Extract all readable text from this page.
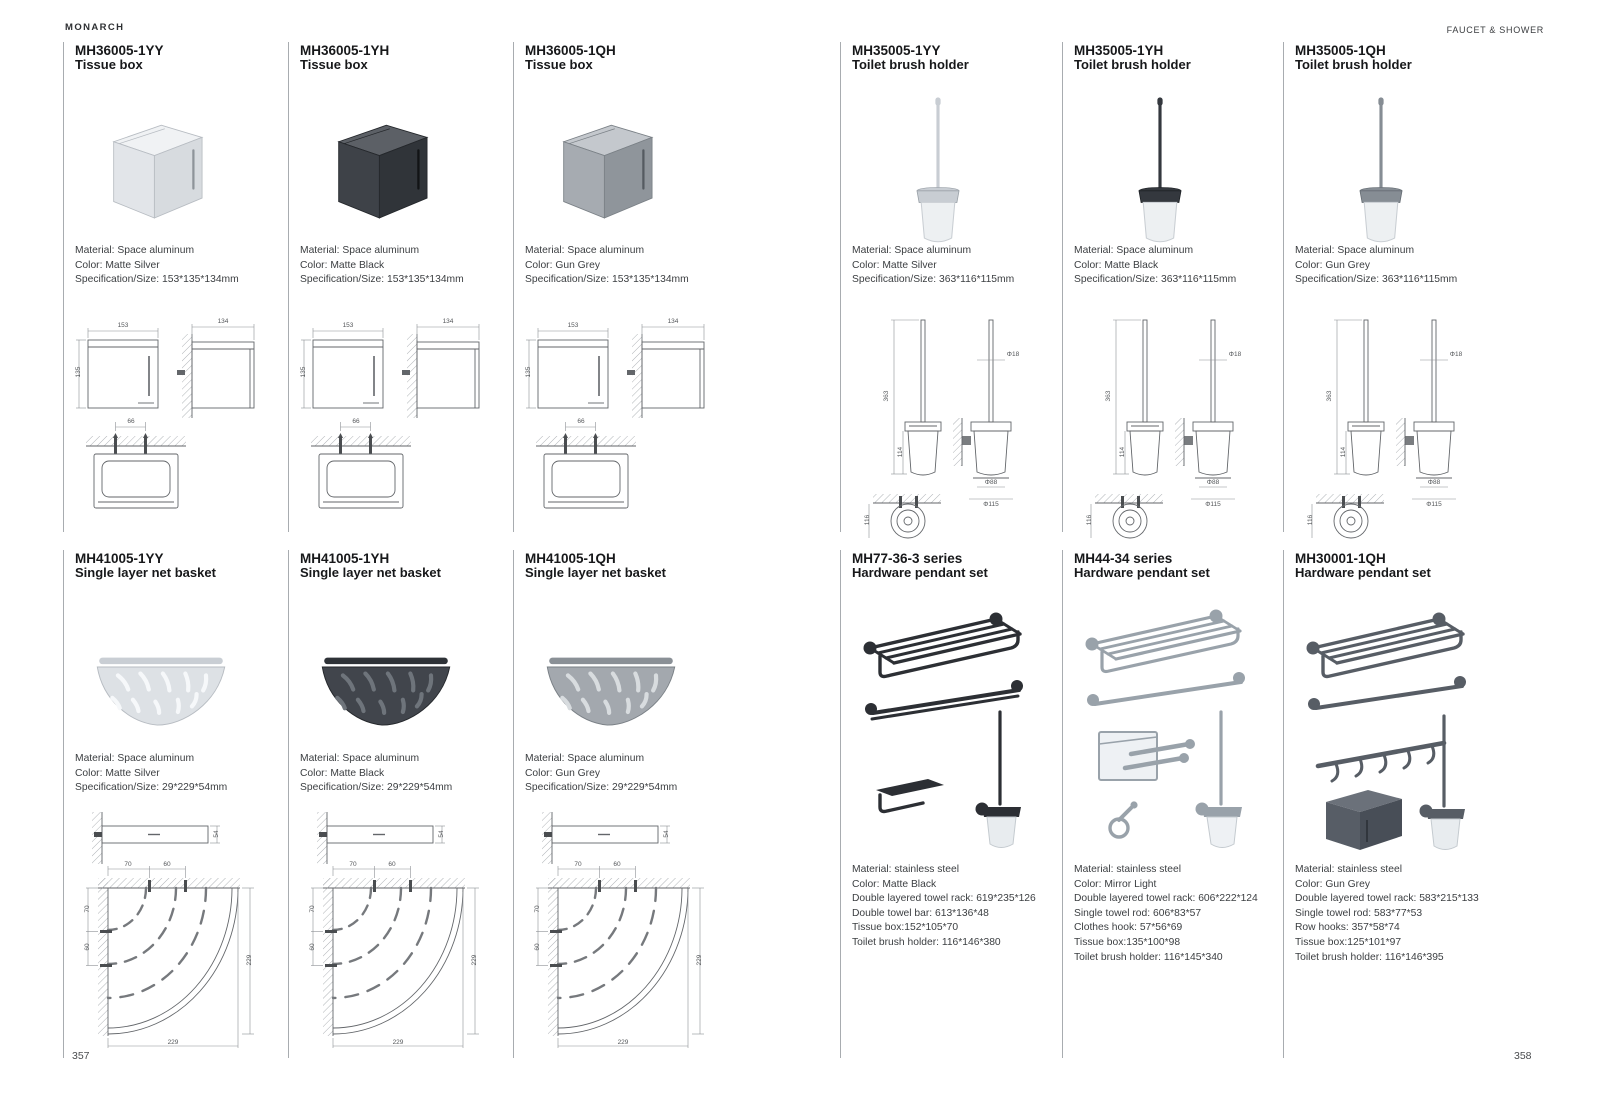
MONARCH	FAUCET & SHOWER
MH36005-1YY
Tissue box
Material: Space aluminum
Color: Matte Silver
Specification/Size: 153*135*134mm
153
135
134
66
MH36005-1YH
Tissue box
Material: Space aluminum
Color: Matte Black
Specification/Size: 153*135*134mm
153
135
134
66
MH36005-1QH
Tissue box
Material: Space aluminum
Color: Gun Grey
Specification/Size: 153*135*134mm
153
135
134
66
MH35005-1YY
Toilet brush holder
Material: Space aluminum
Color: Matte Silver
Specification/Size: 363*116*115mm
363
114
Φ18
Φ88
Φ115
116
MH35005-1YH
Toilet brush holder
Material: Space aluminum
Color: Matte Black
Specification/Size: 363*116*115mm
363
114
Φ18
Φ88
Φ115
116
MH35005-1QH
Toilet brush holder
Material: Space aluminum
Color: Gun Grey
Specification/Size: 363*116*115mm
363
114
Φ18
Φ88
Φ115
116
MH41005-1YY
Single layer net basket
Material: Space aluminum
Color: Matte Silver
Specification/Size: 29*229*54mm
54
70	60
70
60
229
229
MH41005-1YH
Single layer net basket
Material: Space aluminum
Color: Matte Black
Specification/Size: 29*229*54mm
54
70	60
70
60
229
229
MH41005-1QH
Single layer net basket
Material: Space aluminum
Color: Gun Grey
Specification/Size: 29*229*54mm
54
70	60
70
60
229
229
MH77-36-3 series
Hardware pendant set
Material: stainless steel
Color: Matte Black
Double layered towel rack: 619*235*126
Double towel bar: 613*136*48
Tissue box:152*105*70
Toilet brush holder: 116*146*380
MH44-34 series
Hardware pendant set
Material: stainless steel
Color: Mirror Light
Double layered towel rack: 606*222*124
Single towel rod: 606*83*57
Clothes hook: 57*56*69
Tissue box:135*100*98
Toilet brush holder: 116*145*340
MH30001-1QH
Hardware pendant set
Material: stainless steel
Color: Gun Grey
Double layered towel rack: 583*215*133
Single towel rod: 583*77*53
Row hooks: 357*58*74
Tissue box:125*101*97
Toilet brush holder: 116*146*395
357	358
